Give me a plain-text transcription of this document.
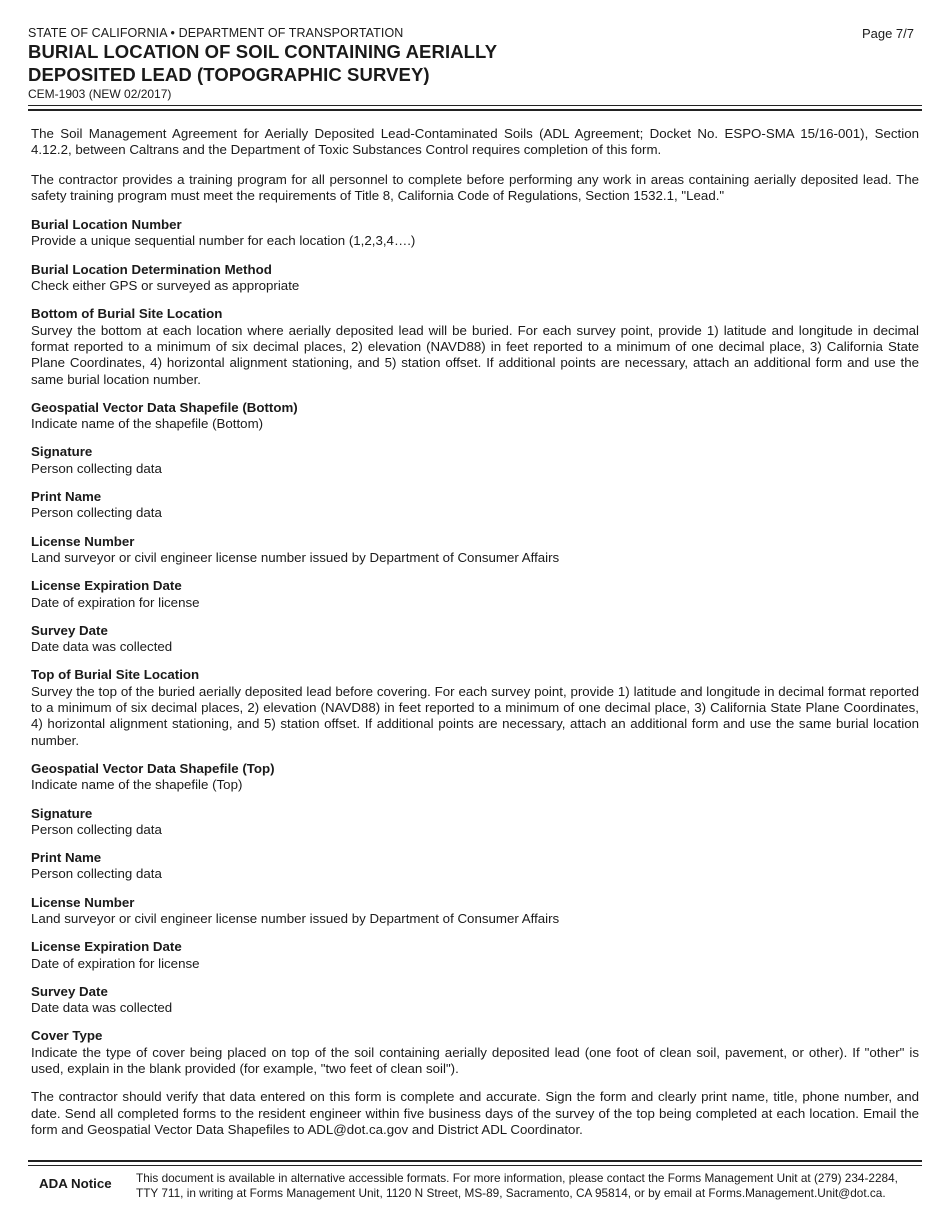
STATE OF CALIFORNIA • DEPARTMENT OF TRANSPORTATION
BURIAL LOCATION OF SOIL CONTAINING AERIALLY
DEPOSITED LEAD (TOPOGRAPHIC SURVEY)
CEM-1903 (NEW 02/2017)
Page 7/7

The Soil Management Agreement for Aerially Deposited Lead-Contaminated Soils (ADL Agreement; Docket No. ESPO-SMA 15/16-001), Section 4.12.2, between Caltrans and the Department of Toxic Substances Control requires completion of this form.

The contractor provides a training program for all personnel to complete before performing any work in areas containing aerially deposited lead. The safety training program must meet the requirements of Title 8, California Code of Regulations, Section 1532.1, "Lead."

Burial Location Number
Provide a unique sequential number for each location (1,2,3,4….)
Burial Location Determination Method
Check either GPS or surveyed as appropriate
Bottom of Burial Site Location
Survey the bottom at each location where aerially deposited lead will be buried. For each survey point, provide 1) latitude and longitude in decimal format reported to a minimum of six decimal places, 2) elevation (NAVD88) in feet reported to a minimum of one decimal place, 3) California State Plane Coordinates, 4) horizontal alignment stationing, and 5) station offset. If additional points are necessary, attach an additional form and use the same burial location number.
Geospatial Vector Data Shapefile (Bottom)
Indicate name of the shapefile (Bottom)
Signature
Person collecting data
Print Name
Person collecting data
License Number
Land surveyor or civil engineer license number issued by Department of Consumer Affairs
License Expiration Date
Date of expiration for license
Survey Date
Date data was collected
Top of Burial Site Location
Survey the top of the buried aerially deposited lead before covering. For each survey point, provide 1) latitude and longitude in decimal format reported to a minimum of six decimal places, 2) elevation (NAVD88) in feet reported to a minimum of one decimal place, 3) California State Plane Coordinates, 4) horizontal alignment stationing, and 5) station offset. If additional points are necessary, attach an additional form and use the same burial location number.
Geospatial Vector Data Shapefile (Top)
Indicate name of the shapefile (Top)
Signature
Person collecting data
Print Name
Person collecting data
License Number
Land surveyor or civil engineer license number issued by Department of Consumer Affairs
License Expiration Date
Date of expiration for license
Survey Date
Date data was collected
Cover Type
Indicate the type of cover being placed on top of the soil containing aerially deposited lead (one foot of clean soil, pavement, or other). If "other" is used, explain in the blank provided (for example, "two feet of clean soil").

The contractor should verify that data entered on this form is complete and accurate. Sign the form and clearly print name, title, phone number, and date. Send all completed forms to the resident engineer within five business days of the survey of the top being completed at each location. Email the form and Geospatial Vector Data Shapefiles to ADL@dot.ca.gov and District ADL Coordinator.

ADA Notice This document is available in alternative accessible formats. For more information, please contact the Forms Management Unit at (279) 234-2284, TTY 711, in writing at Forms Management Unit, 1120 N Street, MS-89, Sacramento, CA 95814, or by email at Forms.Management.Unit@dot.ca.
